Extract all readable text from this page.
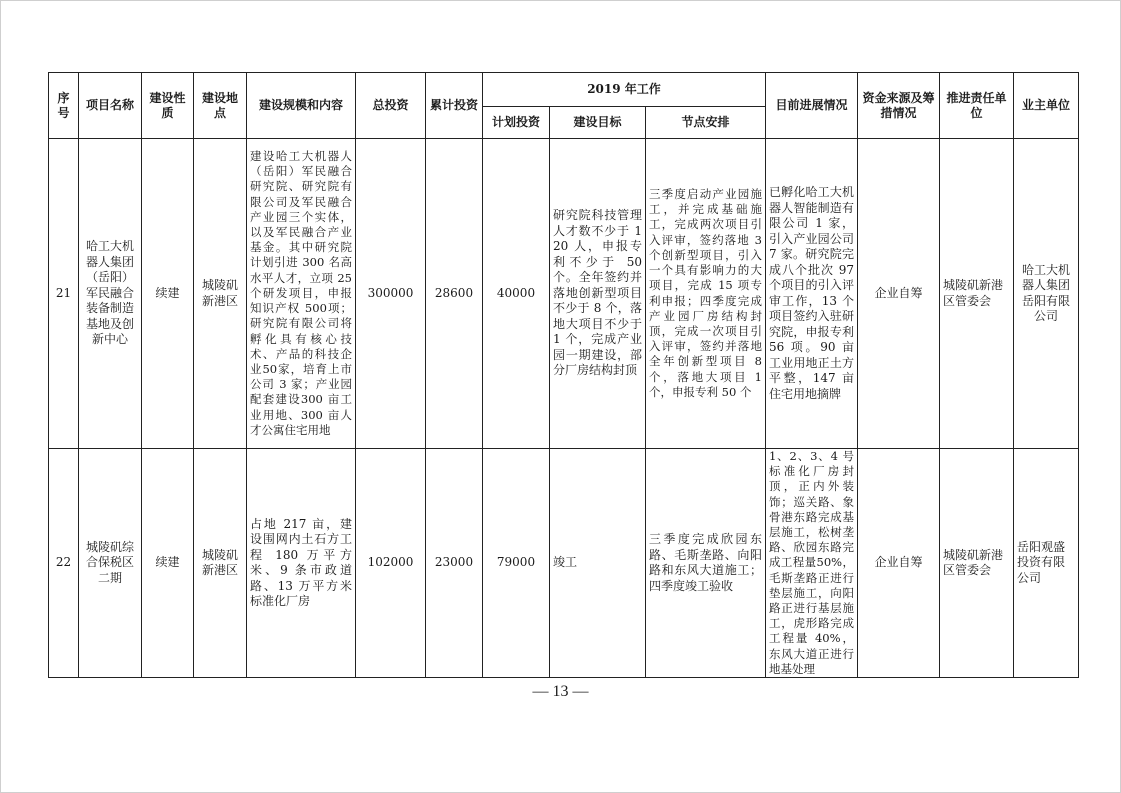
序号	项目名称	建设性质	建设地点	建设规模和内容	总投资	累计投资	2019 年工作			目前进展情况	资金来源及筹措情况	推进责任单 位	业主单位
							计划投资	建设目标	节点安排				
21	哈工大机器人集团（岳阳）军民融合装备制造基地及创新中心	续建	城陵矶新港区	建设哈工大机器人（岳阳）军民融合研究院、研究院有限公司及军民融合产业园三个实体，以及军民融合产业基金。其中研究院计划引进 300 名高水平人才，立项 25 个研发项目，申报知识产权 500项；研究院有限公司将孵化具有核心技术、产品的科技企业50家，培育上市公司 3 家；产业园配套建设300 亩工业用地、300 亩人才公寓住宅用地	300000	28600	40000	研究院科技管理人才数不少于 120 人，申报专利不少于 50个。全年签约并落地创新型项目不少于 8 个，落地大项目不少于 1 个，完成产业园一期建设，部分厂房结构封顶	三季度启动产业园施工，并完成基础施工，完成两次项目引入评审，签约落地 3 个创新型项目，引入一个具有影响力的大项目，完成 15 项专利申报；四季度完成产业园厂房结构封顶，完成一次项目引入评审，签约并落地全年创新型项目 8 个，落地大项目 1 个，申报专利 50 个	已孵化哈工大机器人智能制造有限公司 1 家，引入产业园公司 7 家。研究院完成八个批次 97 个项目的引入评审工作，13 个项目签约入驻研究院，申报专利 56 项。90 亩工业用地正土方平整，147 亩住宅用地摘牌	企业自筹	城陵矶新港区管委会	哈工大机器人集团岳阳有限公司
22	城陵矶综合保税区二期	续建	城陵矶新港区	占地 217 亩，建设围网内土石方工程 180 万平方米、9 条市政道路、13 万平方米标准化厂房	102000	23000	79000	竣工	三季度完成欣园东路、毛斯垄路、向阳路和东风大道施工；四季度竣工验收	1、2、3、4 号标准化厂房封顶，正内外装饰；巡关路、象骨港东路完成基层施工，松树垄路、欣园东路完成工程量50%，毛斯垄路正进行垫层施工，向阳路正进行基层施工，虎形路完成工程量 40%，东风大道正进行地基处理	企业自筹	城陵矶新港区管委会	岳阳观盛投资有限公司
— 13 —
